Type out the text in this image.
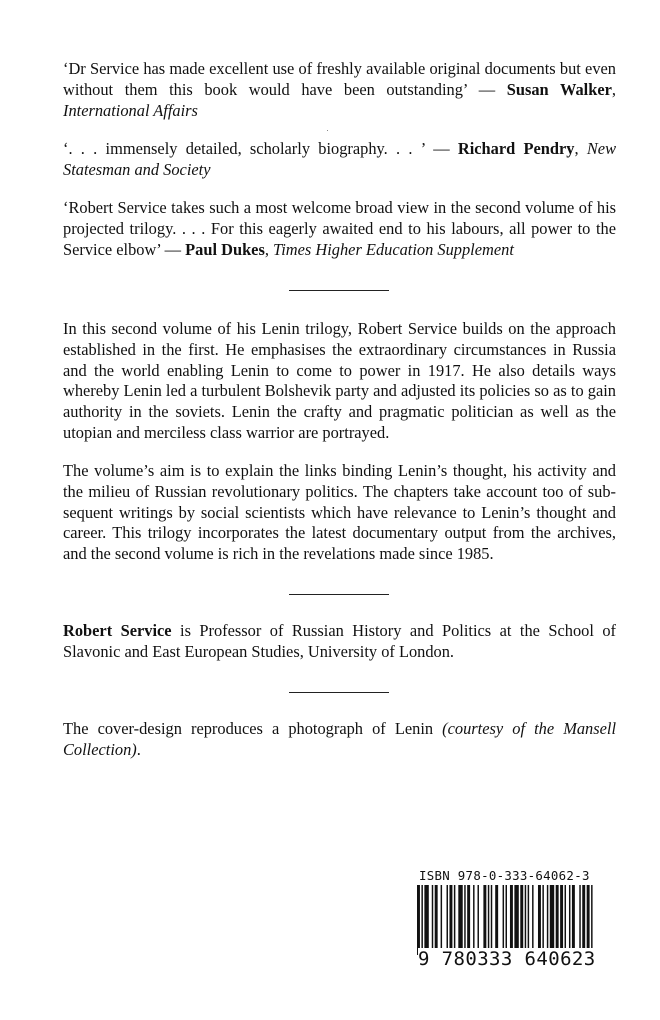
‘Dr Service has made excellent use of freshly available original documents but even without them this book would have been outstanding’ — Susan Walker, International Affairs

‘. . . immensely detailed, scholarly biography. . . ’ — Richard Pendry, New Statesman and Society

‘Robert Service takes such a most welcome broad view in the second volume of his projected trilogy. . . . For this eagerly awaited end to his labours, all power to the Service elbow’ — Paul Dukes, Times Higher Education Supplement

In this second volume of his Lenin trilogy, Robert Service builds on the approach established in the first. He emphasises the extraordinary circumstances in Russia and the world enabling Lenin to come to power in 1917. He also details ways whereby Lenin led a turbulent Bolshevik party and adjusted its policies so as to gain authority in the soviets. Lenin the crafty and pragmatic politician as well as the utopian and merciless class warrior are portrayed.

The volume’s aim is to explain the links binding Lenin’s thought, his activity and the milieu of Russian revolutionary politics. The chapters take account too of sub-sequent writings by social scientists which have relevance to Lenin’s thought and career. This trilogy incorporates the latest documentary output from the archives, and the second volume is rich in the revelations made since 1985.

Robert Service is Professor of Russian History and Politics at the School of Slavonic and East European Studies, University of London.

The cover-design reproduces a photograph of Lenin (courtesy of the Mansell Collection).

ISBN 978-0-333-64062-3
9 780333 640623
